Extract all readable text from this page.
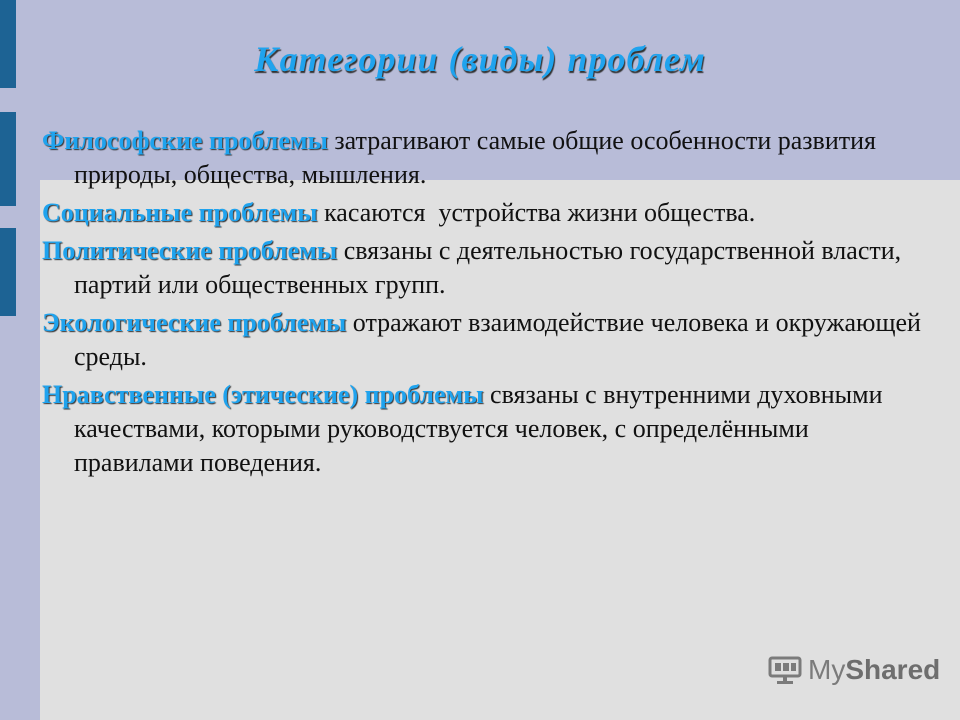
Категории (виды) проблем
Философские проблемы затрагивают самые общие особенности развития природы, общества, мышления.
Социальные проблемы касаются  устройства жизни общества.
Политические проблемы связаны с деятельностью государственной власти, партий или общественных групп.
Экологические проблемы отражают взаимодействие человека и окружающей среды.
Нравственные (этические) проблемы связаны с внутренними духовными качествами, которыми руководствуется человек, с определёнными правилами поведения.
MyShared
